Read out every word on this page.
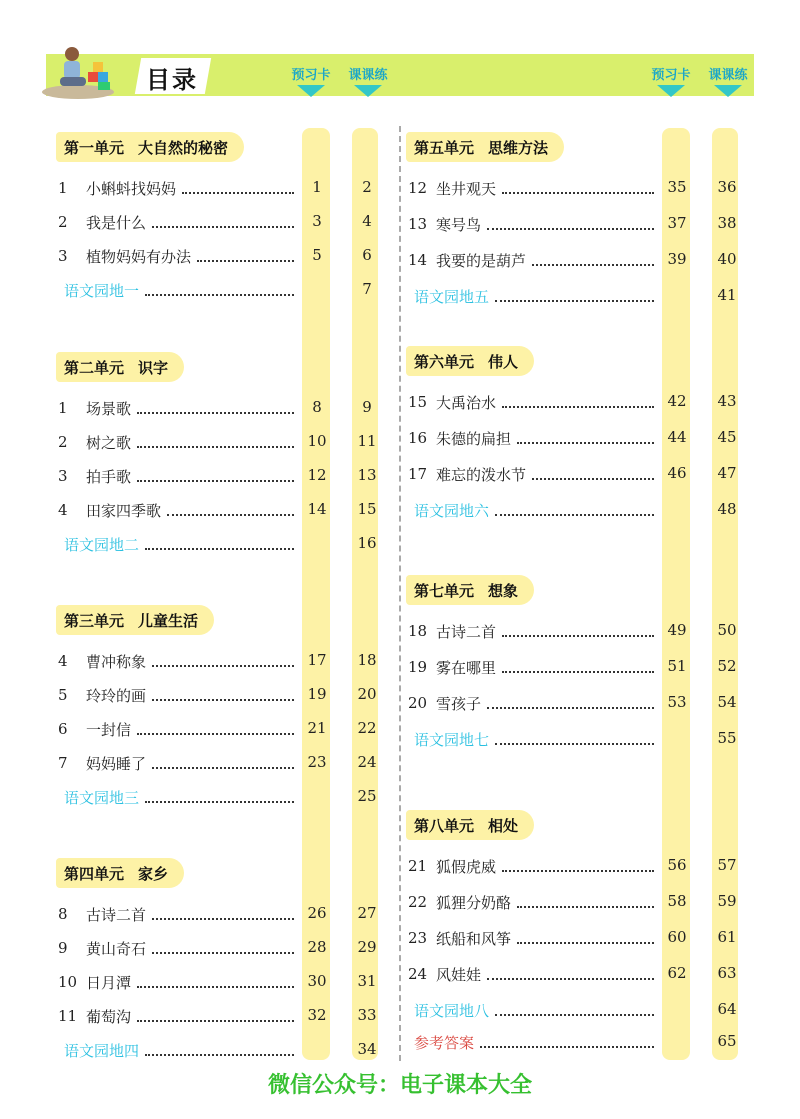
目录	预习卡	课课练	预习卡	课课练
第一单元 大自然的秘密
1	小蝌蚪找妈妈	1	2
2	我是什么	3	4
3	植物妈妈有办法	5	6
语文园地一	7
第二单元 识字
1	场景歌	8	9
2	树之歌	10	11
3	拍手歌	12	13
4	田家四季歌	14	15
语文园地二	16
第三单元 儿童生活
4	曹冲称象	17	18
5	玲玲的画	19	20
6	一封信	21	22
7	妈妈睡了	23	24
语文园地三	25
第四单元 家乡
8	古诗二首	26	27
9	黄山奇石	28	29
10 日月潭	30	31
11 葡萄沟	32	33
语文园地四	34
第五单元 思维方法
12 坐井观天	35	36
13 寒号鸟	37	38
14 我要的是葫芦	39	40
语文园地五	41
第六单元 伟人
15 大禹治水	42	43
16 朱德的扁担	44	45
17 难忘的泼水节	46	47
语文园地六	48
第七单元 想象
18 古诗二首	49	50
19 雾在哪里	51	52
20 雪孩子	53	54
语文园地七	55
第八单元 相处
21 狐假虎威	56	57
22 狐狸分奶酪	58	59
23 纸船和风筝	60	61
24 风娃娃	62	63
语文园地八	64
参考答案	65
微信公众号：电子课本大全
